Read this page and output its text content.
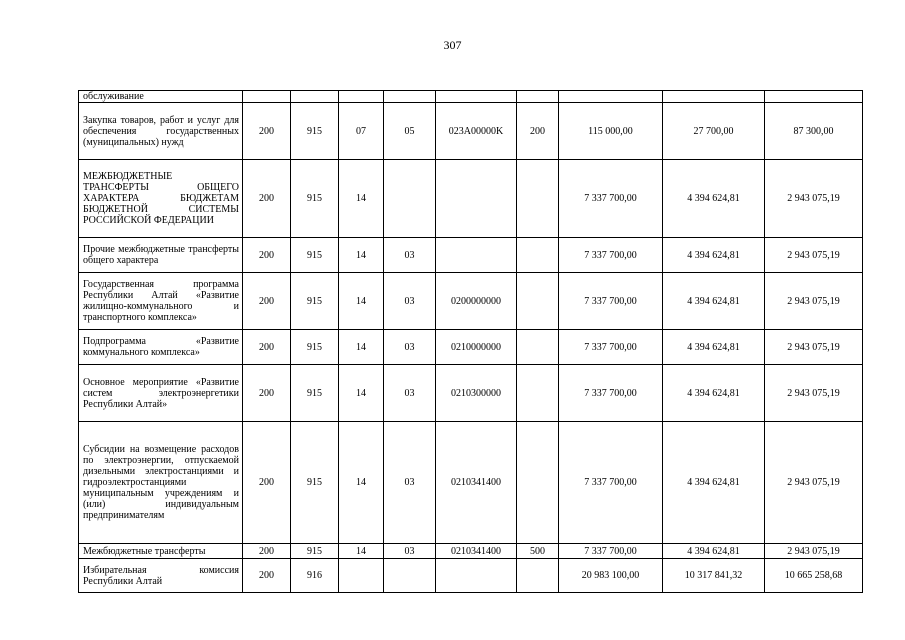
307
обслуживание									
Закупка товаров, работ и услуг для обеспечения государственных (муниципальных) нужд	200	915	07	05	023A00000K	200	115 000,00	27 700,00	87 300,00
МЕЖБЮДЖЕТНЫЕ ТРАНСФЕРТЫ ОБЩЕГО ХАРАКТЕРА БЮДЖЕТАМ БЮДЖЕТНОЙ СИСТЕМЫ РОССИЙСКОЙ ФЕДЕРАЦИИ	200	915	14				7 337 700,00	4 394 624,81	2 943 075,19
Прочие межбюджетные трансферты общего характера	200	915	14	03			7 337 700,00	4 394 624,81	2 943 075,19
Государственная программа Республики Алтай «Развитие жилищно-коммунального и транспортного комплекса»	200	915	14	03	0200000000		7 337 700,00	4 394 624,81	2 943 075,19
Подпрограмма «Развитие коммунального комплекса»	200	915	14	03	0210000000		7 337 700,00	4 394 624,81	2 943 075,19
Основное мероприятие «Развитие систем электроэнергетики Республики Алтай»	200	915	14	03	0210300000		7 337 700,00	4 394 624,81	2 943 075,19
Субсидии на возмещение расходов по электроэнергии, отпускаемой дизельными электростанциями и гидроэлектростанциями муниципальным учреждениям и (или) индивидуальным предпринимателям	200	915	14	03	0210341400		7 337 700,00	4 394 624,81	2 943 075,19
Межбюджетные трансферты	200	915	14	03	0210341400	500	7 337 700,00	4 394 624,81	2 943 075,19
Избирательная комиссия Республики Алтай	200	916					20 983 100,00	10 317 841,32	10 665 258,68
